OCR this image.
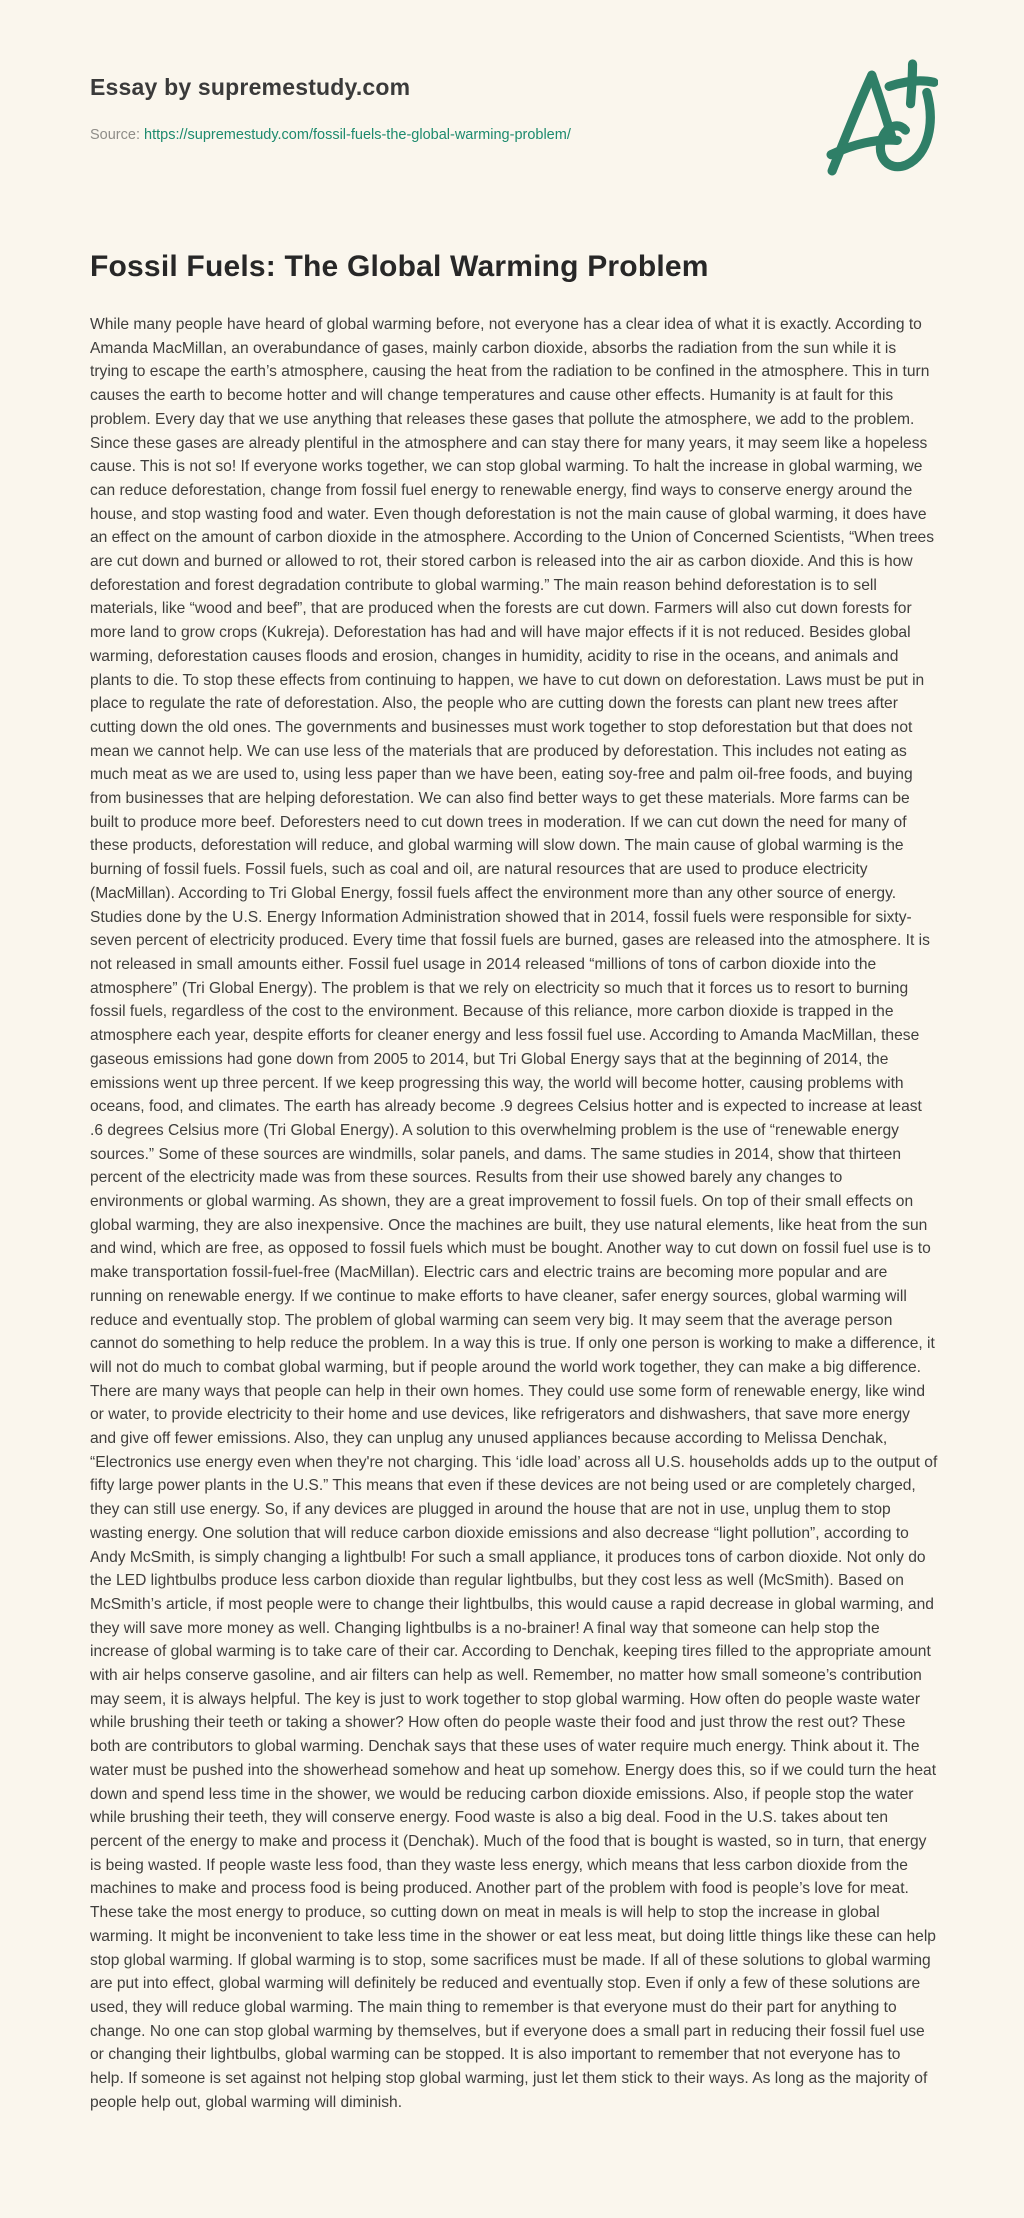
Essay by supremestudy.com
Source: https://supremestudy.com/fossil-fuels-the-global-warming-problem/
Fossil Fuels: The Global Warming Problem
While many people have heard of global warming before, not everyone has a clear idea of what it is exactly. According to Amanda MacMillan, an overabundance of gases, mainly carbon dioxide, absorbs the radiation from the sun while it is trying to escape the earth’s atmosphere, causing the heat from the radiation to be confined in the atmosphere. This in turn causes the earth to become hotter and will change temperatures and cause other effects. Humanity is at fault for this problem. Every day that we use anything that releases these gases that pollute the atmosphere, we add to the problem. Since these gases are already plentiful in the atmosphere and can stay there for many years, it may seem like a hopeless cause. This is not so! If everyone works together, we can stop global warming. To halt the increase in global warming, we can reduce deforestation, change from fossil fuel energy to renewable energy, find ways to conserve energy around the house, and stop wasting food and water. Even though deforestation is not the main cause of global warming, it does have an effect on the amount of carbon dioxide in the atmosphere. According to the Union of Concerned Scientists, “When trees are cut down and burned or allowed to rot, their stored carbon is released into the air as carbon dioxide. And this is how deforestation and forest degradation contribute to global warming.” The main reason behind deforestation is to sell materials, like “wood and beef”, that are produced when the forests are cut down. Farmers will also cut down forests for more land to grow crops (Kukreja). Deforestation has had and will have major effects if it is not reduced. Besides global warming, deforestation causes floods and erosion, changes in humidity, acidity to rise in the oceans, and animals and plants to die. To stop these effects from continuing to happen, we have to cut down on deforestation. Laws must be put in place to regulate the rate of deforestation. Also, the people who are cutting down the forests can plant new trees after cutting down the old ones. The governments and businesses must work together to stop deforestation but that does not mean we cannot help. We can use less of the materials that are produced by deforestation. This includes not eating as much meat as we are used to, using less paper than we have been, eating soy-free and palm oil-free foods, and buying from businesses that are helping deforestation. We can also find better ways to get these materials. More farms can be built to produce more beef. Deforesters need to cut down trees in moderation. If we can cut down the need for many of these products, deforestation will reduce, and global warming will slow down. The main cause of global warming is the burning of fossil fuels. Fossil fuels, such as coal and oil, are natural resources that are used to produce electricity (MacMillan). According to Tri Global Energy, fossil fuels affect the environment more than any other source of energy. Studies done by the U.S. Energy Information Administration showed that in 2014, fossil fuels were responsible for sixty-seven percent of electricity produced. Every time that fossil fuels are burned, gases are released into the atmosphere. It is not released in small amounts either. Fossil fuel usage in 2014 released “millions of tons of carbon dioxide into the atmosphere” (Tri Global Energy). The problem is that we rely on electricity so much that it forces us to resort to burning fossil fuels, regardless of the cost to the environment. Because of this reliance, more carbon dioxide is trapped in the atmosphere each year, despite efforts for cleaner energy and less fossil fuel use. According to Amanda MacMillan, these gaseous emissions had gone down from 2005 to 2014, but Tri Global Energy says that at the beginning of 2014, the emissions went up three percent. If we keep progressing this way, the world will become hotter, causing problems with oceans, food, and climates. The earth has already become .9 degrees Celsius hotter and is expected to increase at least .6 degrees Celsius more (Tri Global Energy). A solution to this overwhelming problem is the use of “renewable energy sources.” Some of these sources are windmills, solar panels, and dams. The same studies in 2014, show that thirteen percent of the electricity made was from these sources. Results from their use showed barely any changes to environments or global warming. As shown, they are a great improvement to fossil fuels. On top of their small effects on global warming, they are also inexpensive. Once the machines are built, they use natural elements, like heat from the sun and wind, which are free, as opposed to fossil fuels which must be bought. Another way to cut down on fossil fuel use is to make transportation fossil-fuel-free (MacMillan). Electric cars and electric trains are becoming more popular and are running on renewable energy. If we continue to make efforts to have cleaner, safer energy sources, global warming will reduce and eventually stop. The problem of global warming can seem very big. It may seem that the average person cannot do something to help reduce the problem. In a way this is true. If only one person is working to make a difference, it will not do much to combat global warming, but if people around the world work together, they can make a big difference. There are many ways that people can help in their own homes. They could use some form of renewable energy, like wind or water, to provide electricity to their home and use devices, like refrigerators and dishwashers, that save more energy and give off fewer emissions. Also, they can unplug any unused appliances because according to Melissa Denchak, “Electronics use energy even when they're not charging. This ‘idle load’ across all U.S. households adds up to the output of fifty large power plants in the U.S.” This means that even if these devices are not being used or are completely charged, they can still use energy. So, if any devices are plugged in around the house that are not in use, unplug them to stop wasting energy. One solution that will reduce carbon dioxide emissions and also decrease “light pollution”, according to Andy McSmith, is simply changing a lightbulb! For such a small appliance, it produces tons of carbon dioxide. Not only do the LED lightbulbs produce less carbon dioxide than regular lightbulbs, but they cost less as well (McSmith). Based on McSmith’s article, if most people were to change their lightbulbs, this would cause a rapid decrease in global warming, and they will save more money as well. Changing lightbulbs is a no-brainer! A final way that someone can help stop the increase of global warming is to take care of their car. According to Denchak, keeping tires filled to the appropriate amount with air helps conserve gasoline, and air filters can help as well. Remember, no matter how small someone’s contribution may seem, it is always helpful. The key is just to work together to stop global warming. How often do people waste water while brushing their teeth or taking a shower? How often do people waste their food and just throw the rest out? These both are contributors to global warming. Denchak says that these uses of water require much energy. Think about it. The water must be pushed into the showerhead somehow and heat up somehow. Energy does this, so if we could turn the heat down and spend less time in the shower, we would be reducing carbon dioxide emissions. Also, if people stop the water while brushing their teeth, they will conserve energy. Food waste is also a big deal. Food in the U.S. takes about ten percent of the energy to make and process it (Denchak). Much of the food that is bought is wasted, so in turn, that energy is being wasted. If people waste less food, than they waste less energy, which means that less carbon dioxide from the machines to make and process food is being produced. Another part of the problem with food is people’s love for meat. These take the most energy to produce, so cutting down on meat in meals is will help to stop the increase in global warming. It might be inconvenient to take less time in the shower or eat less meat, but doing little things like these can help stop global warming. If global warming is to stop, some sacrifices must be made. If all of these solutions to global warming are put into effect, global warming will definitely be reduced and eventually stop. Even if only a few of these solutions are used, they will reduce global warming. The main thing to remember is that everyone must do their part for anything to change. No one can stop global warming by themselves, but if everyone does a small part in reducing their fossil fuel use or changing their lightbulbs, global warming can be stopped. It is also important to remember that not everyone has to help. If someone is set against not helping stop global warming, just let them stick to their ways. As long as the majority of people help out, global warming will diminish.
